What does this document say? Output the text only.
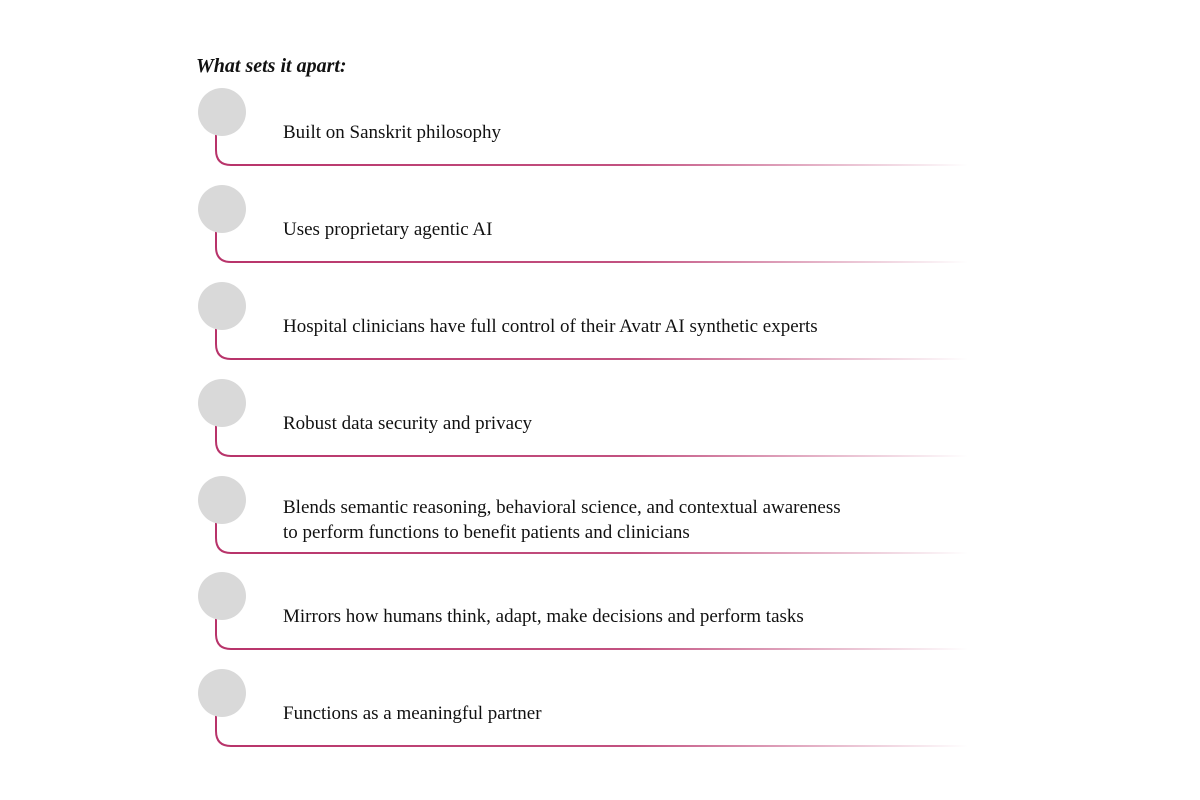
What sets it apart:
Built on Sanskrit philosophy
Uses proprietary agentic AI
Hospital clinicians have full control of their Avatr AI synthetic experts
Robust data security and privacy
Blends semantic reasoning, behavioral science, and contextual awareness
to perform functions to benefit patients and clinicians
Mirrors how humans think, adapt, make decisions and perform tasks
Functions as a meaningful partner
